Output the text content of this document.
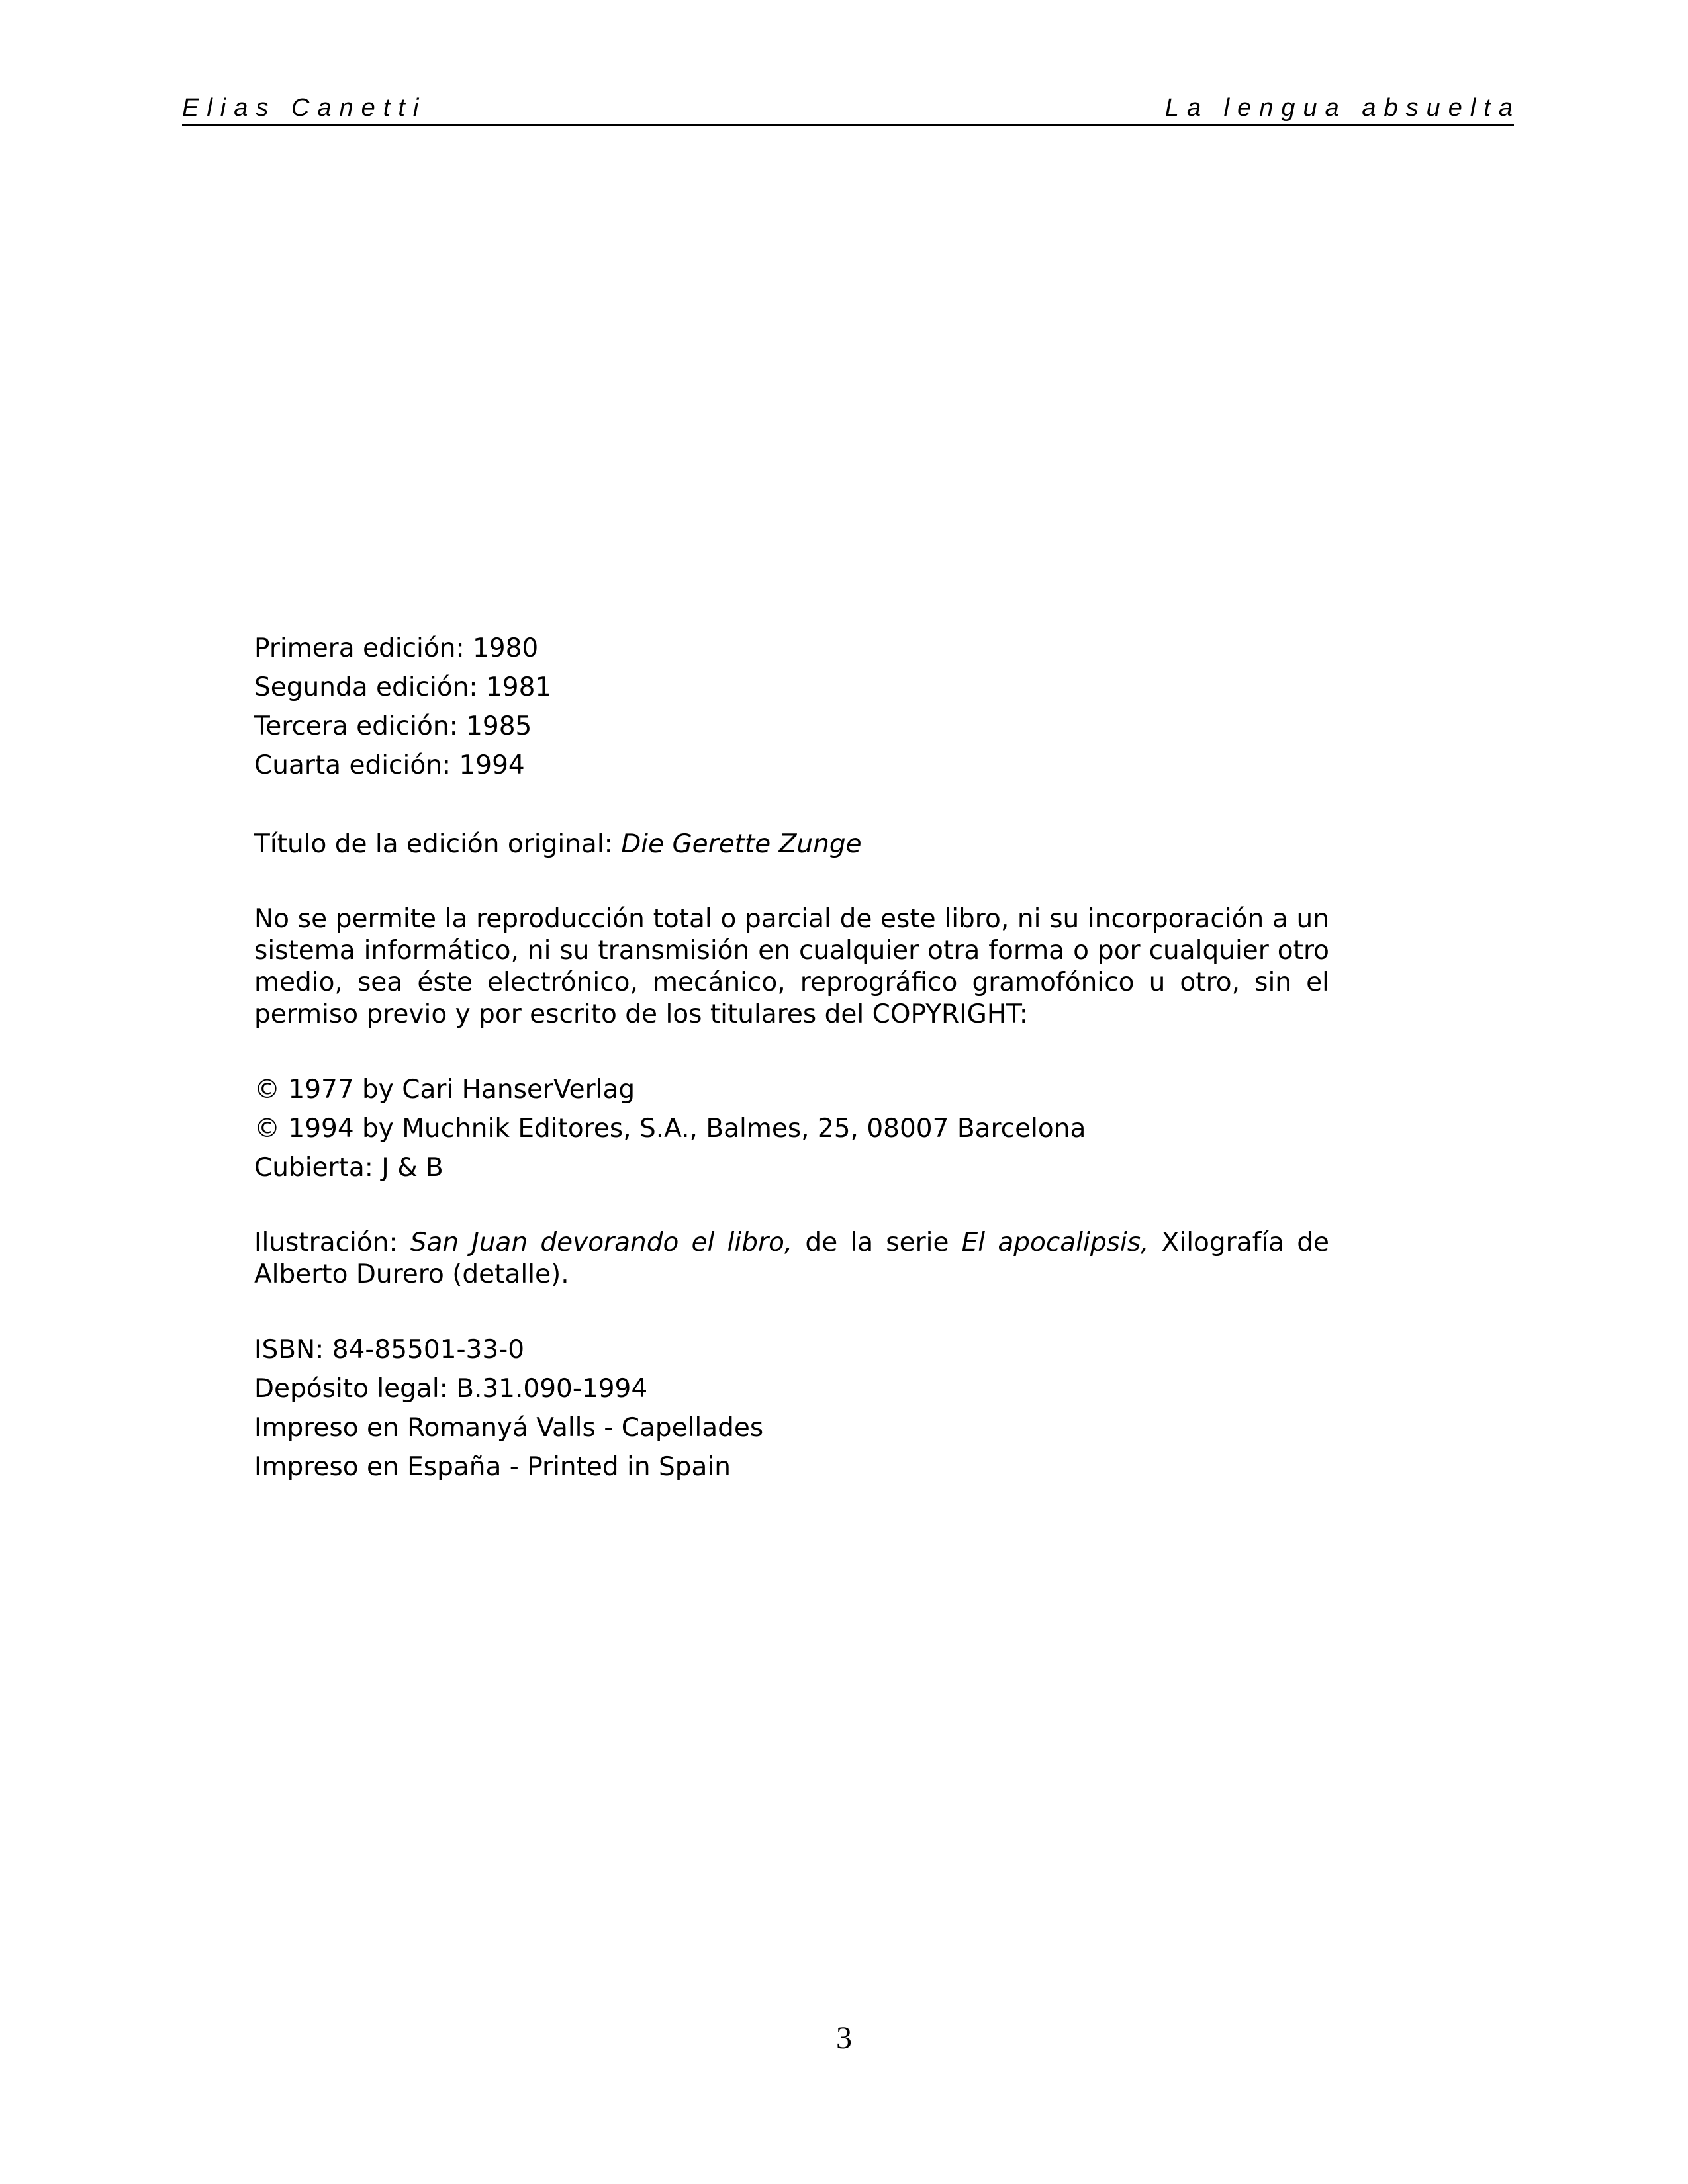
Elias Canetti	La lengua absuelta
Primera edición: 1980
Segunda edición: 1981
Tercera edición: 1985
Cuarta edición: 1994
Título de la edición original: Die Gerette Zunge
No se permite la reproducción total o parcial de este libro, ni su incorporación a un sistema informático, ni su transmisión en cualquier otra forma o por cualquier otro medio, sea éste electrónico, mecánico, reprográfico gramofónico u otro, sin el permiso previo y por escrito de los titulares del COPYRIGHT:
© 1977 by Cari HanserVerlag
© 1994 by Muchnik Editores, S.A., Balmes, 25, 08007 Barcelona
Cubierta: J & B
Ilustración: San Juan devorando el libro, de la serie El apocalipsis, Xilografía de Alberto Durero (detalle).
ISBN: 84-85501-33-0
Depósito legal: B.31.090-1994
Impreso en Romanyá Valls - Capellades
Impreso en España - Printed in Spain
3
